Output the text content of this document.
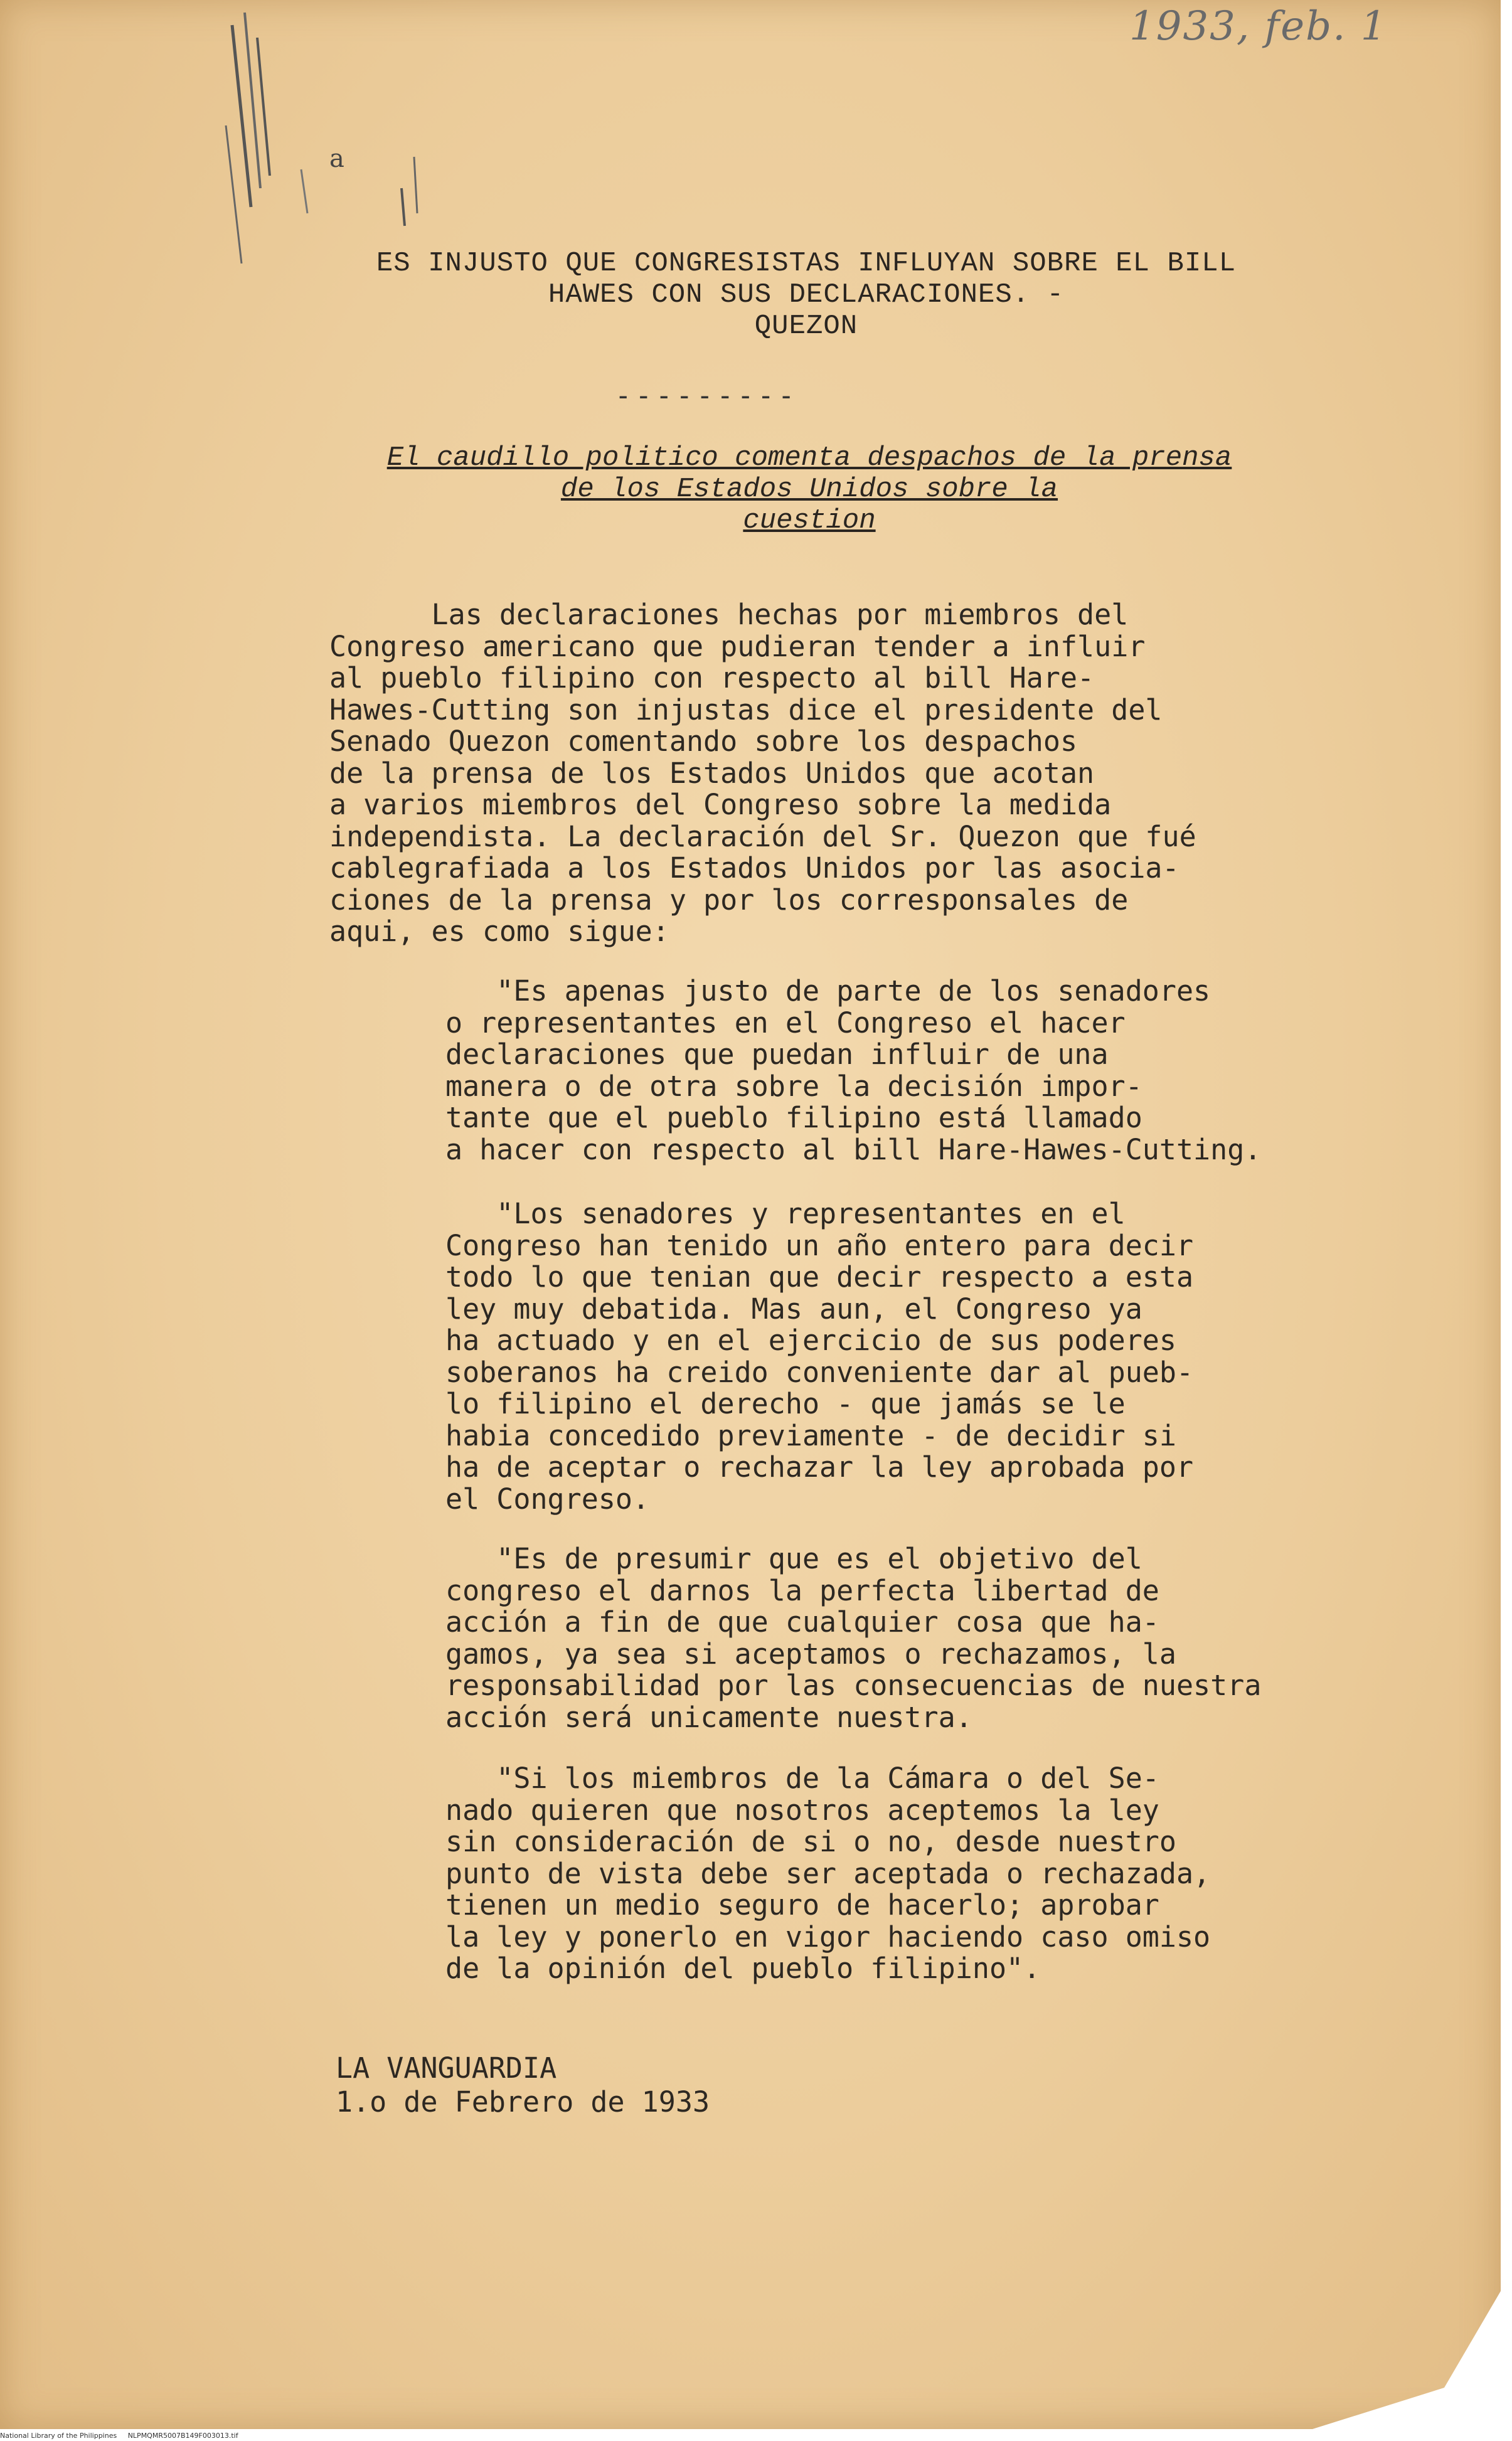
1933, feb. 1
a
ES INJUSTO QUE CONGRESISTAS INFLUYAN SOBRE EL BILL
HAWES CON SUS DECLARACIONES. -
QUEZON
---------
El caudillo politico comenta despachos de la prensa
de los Estados Unidos sobre la
cuestion
Las declaraciones hechas por miembros del
Congreso americano que pudieran tender a influir
al pueblo filipino con respecto al bill Hare-
Hawes-Cutting son injustas dice el presidente del
Senado Quezon comentando sobre los despachos
de la prensa de los Estados Unidos que acotan
a varios miembros del Congreso sobre la medida
independista. La declaración del Sr. Quezon que fué
cablegrafiada a los Estados Unidos por las asocia-
ciones de la prensa y por los corresponsales de
aqui, es como sigue:
"Es apenas justo de parte de los senadores
o representantes en el Congreso el hacer
declaraciones que puedan influir de una
manera o de otra sobre la decisión impor-
tante que el pueblo filipino está llamado
a hacer con respecto al bill Hare-Hawes-Cutting.
"Los senadores y representantes en el
Congreso han tenido un año entero para decir
todo lo que tenian que decir respecto a esta
ley muy debatida. Mas aun, el Congreso ya
ha actuado y en el ejercicio de sus poderes
soberanos ha creido conveniente dar al pueb-
lo filipino el derecho - que jamás se le
habia concedido previamente - de decidir si
ha de aceptar o rechazar la ley aprobada por
el Congreso.
"Es de presumir que es el objetivo del
congreso el darnos la perfecta libertad de
acción a fin de que cualquier cosa que ha-
gamos, ya sea si aceptamos o rechazamos, la
responsabilidad por las consecuencias de nuestra
acción será unicamente nuestra.
"Si los miembros de la Cámara o del Se-
nado quieren que nosotros aceptemos la ley
sin consideración de si o no, desde nuestro
punto de vista debe ser aceptada o rechazada,
tienen un medio seguro de hacerlo; aprobar
la ley y ponerlo en vigor haciendo caso omiso
de la opinión del pueblo filipino".
LA VANGUARDIA
1.o de Febrero de 1933
National Library of the Philippines NLPMQMR5007B149F003013.tif
